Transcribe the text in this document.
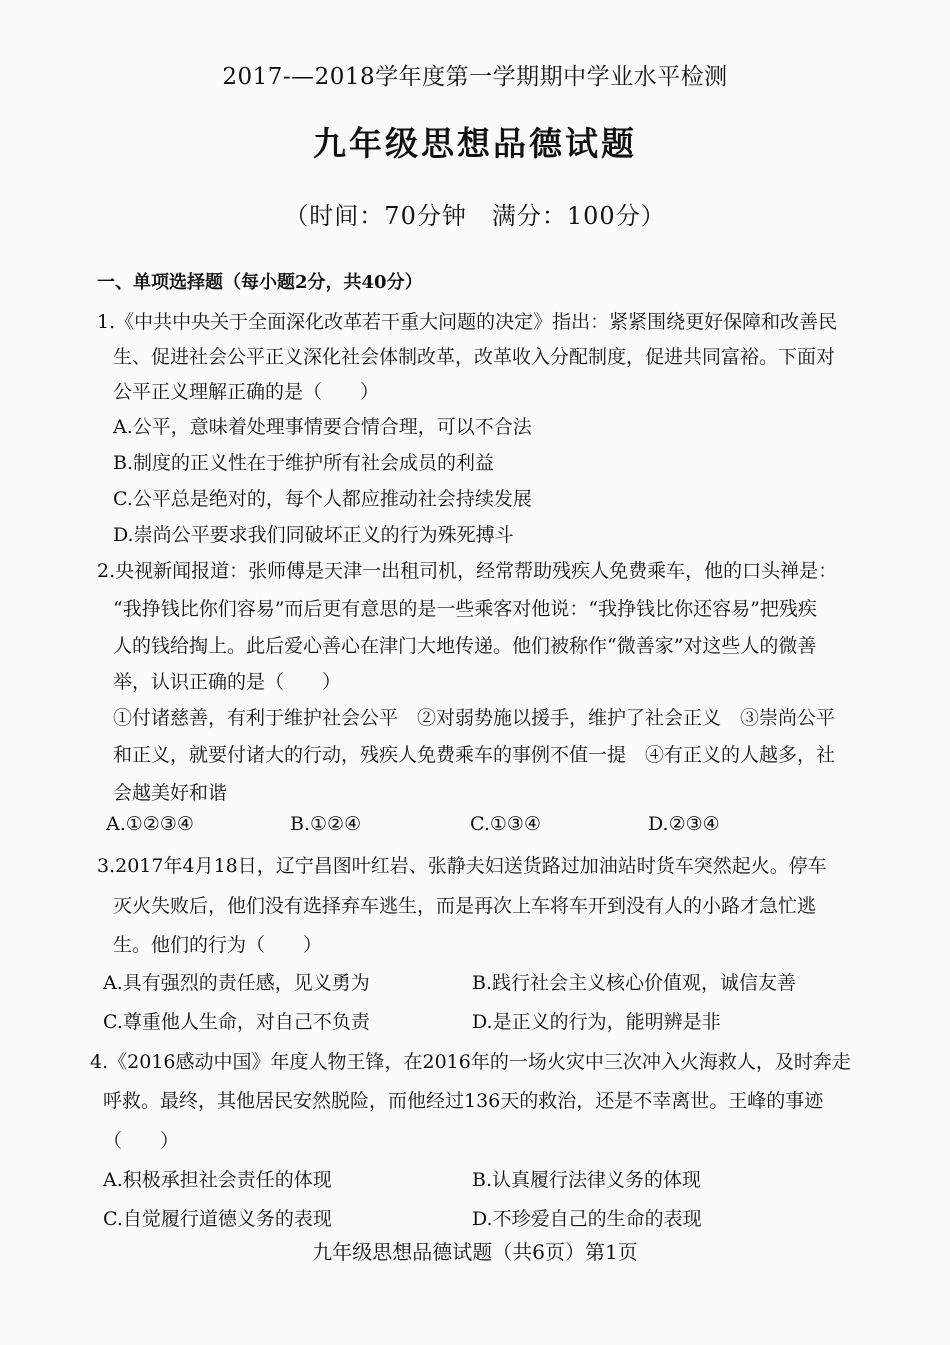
2017-—2018学年度第一学期期中学业水平检测
九年级思想品德试题
（时间：70分钟　满分：100分）
一、单项选择题（每小题2分，共40分）
1.《中共中央关于全面深化改革若干重大问题的决定》指出：紧紧围绕更好保障和改善民
生、促进社会公平正义深化社会体制改革，改革收入分配制度，促进共同富裕。下面对
公平正义理解正确的是（　　）
A.公平，意味着处理事情要合情合理，可以不合法
B.制度的正义性在于维护所有社会成员的利益
C.公平总是绝对的，每个人都应推动社会持续发展
D.崇尚公平要求我们同破坏正义的行为殊死搏斗
2.央视新闻报道：张师傅是天津一出租司机，经常帮助残疾人免费乘车，他的口头禅是：
“我挣钱比你们容易”而后更有意思的是一些乘客对他说：“我挣钱比你还容易”把残疾
人的钱给掏上。此后爱心善心在津门大地传递。他们被称作“微善家”对这些人的微善
举，认识正确的是（　　）
①付诸慈善，有利于维护社会公平　②对弱势施以援手，维护了社会正义　③崇尚公平
和正义，就要付诸大的行动，残疾人免费乘车的事例不值一提　④有正义的人越多，社
会越美好和谐
A.①②③④	B.①②④	C.①③④	D.②③④
3.2017年4月18日，辽宁昌图叶红岩、张静夫妇送货路过加油站时货车突然起火。停车
灭火失败后，他们没有选择弃车逃生，而是再次上车将车开到没有人的小路才急忙逃
生。他们的行为（　　）
A.具有强烈的责任感，见义勇为	B.践行社会主义核心价值观，诚信友善
C.尊重他人生命，对自己不负责	D.是正义的行为，能明辨是非
4.《2016感动中国》年度人物王锋，在2016年的一场火灾中三次冲入火海救人，及时奔走
呼救。最终，其他居民安然脱险，而他经过136天的救治，还是不幸离世。王峰的事迹
（　　）
A.积极承担社会责任的体现	B.认真履行法律义务的体现
C.自觉履行道德义务的表现	D.不珍爱自己的生命的表现
九年级思想品德试题（共6页）第1页
